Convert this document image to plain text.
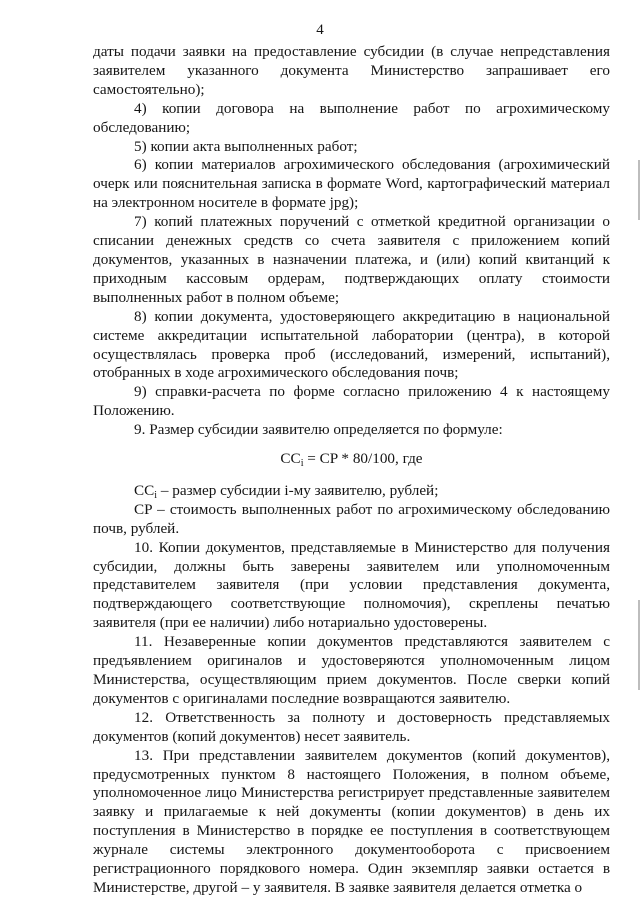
4

даты подачи заявки на предоставление субсидии (в случае непредставления заявителем указанного документа Министерство запрашивает его самостоятельно);

4) копии договора на выполнение работ по агрохимическому обследованию;

5) копии акта выполненных работ;

6) копии материалов агрохимического обследования (агрохимический очерк или пояснительная записка в формате Word, картографический материал на электронном носителе в формате jpg);

7) копий платежных поручений с отметкой кредитной организации о списании денежных средств со счета заявителя с приложением копий документов, указанных в назначении платежа, и (или) копий квитанций к приходным кассовым ордерам, подтверждающих оплату стоимости выполненных работ в полном объеме;

8) копии документа, удостоверяющего аккредитацию в национальной системе аккредитации испытательной лаборатории (центра), в которой осуществлялась проверка проб (исследований, измерений, испытаний), отобранных в ходе агрохимического обследования почв;

9) справки-расчета по форме согласно приложению 4 к настоящему Положению.

9. Размер субсидии заявителю определяется по формуле:

$CC_i$ = CP * 80/100, где

$CC_i$ – размер субсидии i-му заявителю, рублей;

CP – стоимость выполненных работ по агрохимическому обследованию почв, рублей.

10. Копии документов, представляемые в Министерство для получения субсидии, должны быть заверены заявителем или уполномоченным представителем заявителя (при условии представления документа, подтверждающего соответствующие полномочия), скреплены печатью заявителя (при ее наличии) либо нотариально удостоверены.

11. Незаверенные копии документов представляются заявителем с предъявлением оригиналов и удостоверяются уполномоченным лицом Министерства, осуществляющим прием документов. После сверки копий документов с оригиналами последние возвращаются заявителю.

12. Ответственность за полноту и достоверность представляемых документов (копий документов) несет заявитель.

13. При представлении заявителем документов (копий документов), предусмотренных пунктом 8 настоящего Положения, в полном объеме, уполномоченное лицо Министерства регистрирует представленные заявителем заявку и прилагаемые к ней документы (копии документов) в день их поступления в Министерство в порядке ее поступления в соответствующем журнале системы электронного документооборота с присвоением регистрационного порядкового номера. Один экземпляр заявки остается в Министерстве, другой – у заявителя. В заявке заявителя делается отметка о
